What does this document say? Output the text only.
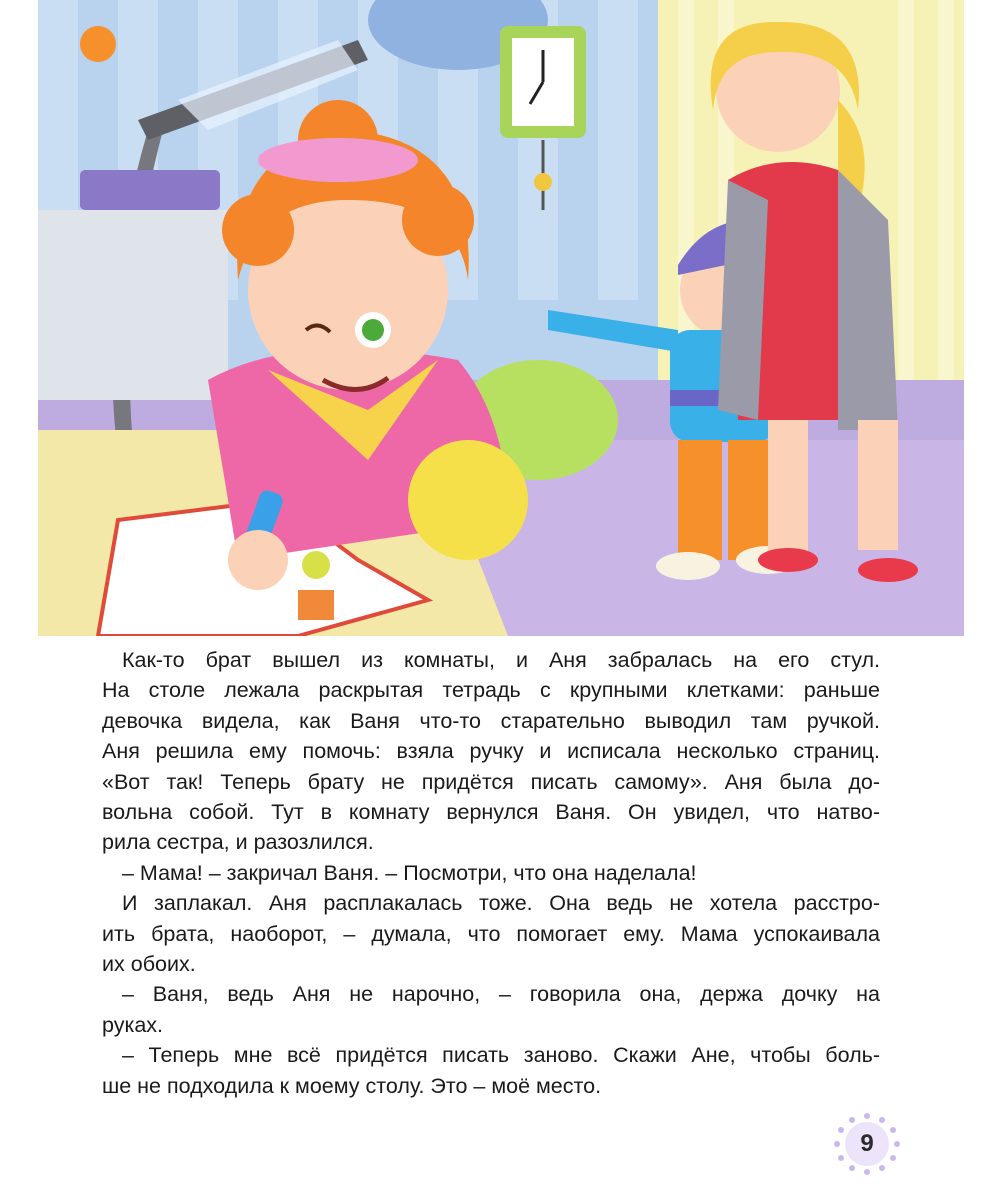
Как-то брат вышел из комнаты, и Аня забралась на его стул.

На столе лежала раскрытая тетрадь с крупными клетками: раньше

девочка видела, как Ваня что-то старательно выводил там ручкой.

Аня решила ему помочь: взяла ручку и исписала несколько страниц.

«Вот так! Теперь брату не придётся писать самому». Аня была до-

вольна собой. Тут в комнату вернулся Ваня. Он увидел, что натво-

рила сестра, и разозлился.

– Мама! – закричал Ваня. – Посмотри, что она наделала!

И заплакал. Аня расплакалась тоже. Она ведь не хотела расстро-

ить брата, наоборот, – думала, что помогает ему. Мама успокаивала

их обоих.

– Ваня, ведь Аня не нарочно, – говорила она, держа дочку на

руках.

– Теперь мне всё придётся писать заново. Скажи Ане, чтобы боль-

ше не подходила к моему столу. Это – моё место.

9
